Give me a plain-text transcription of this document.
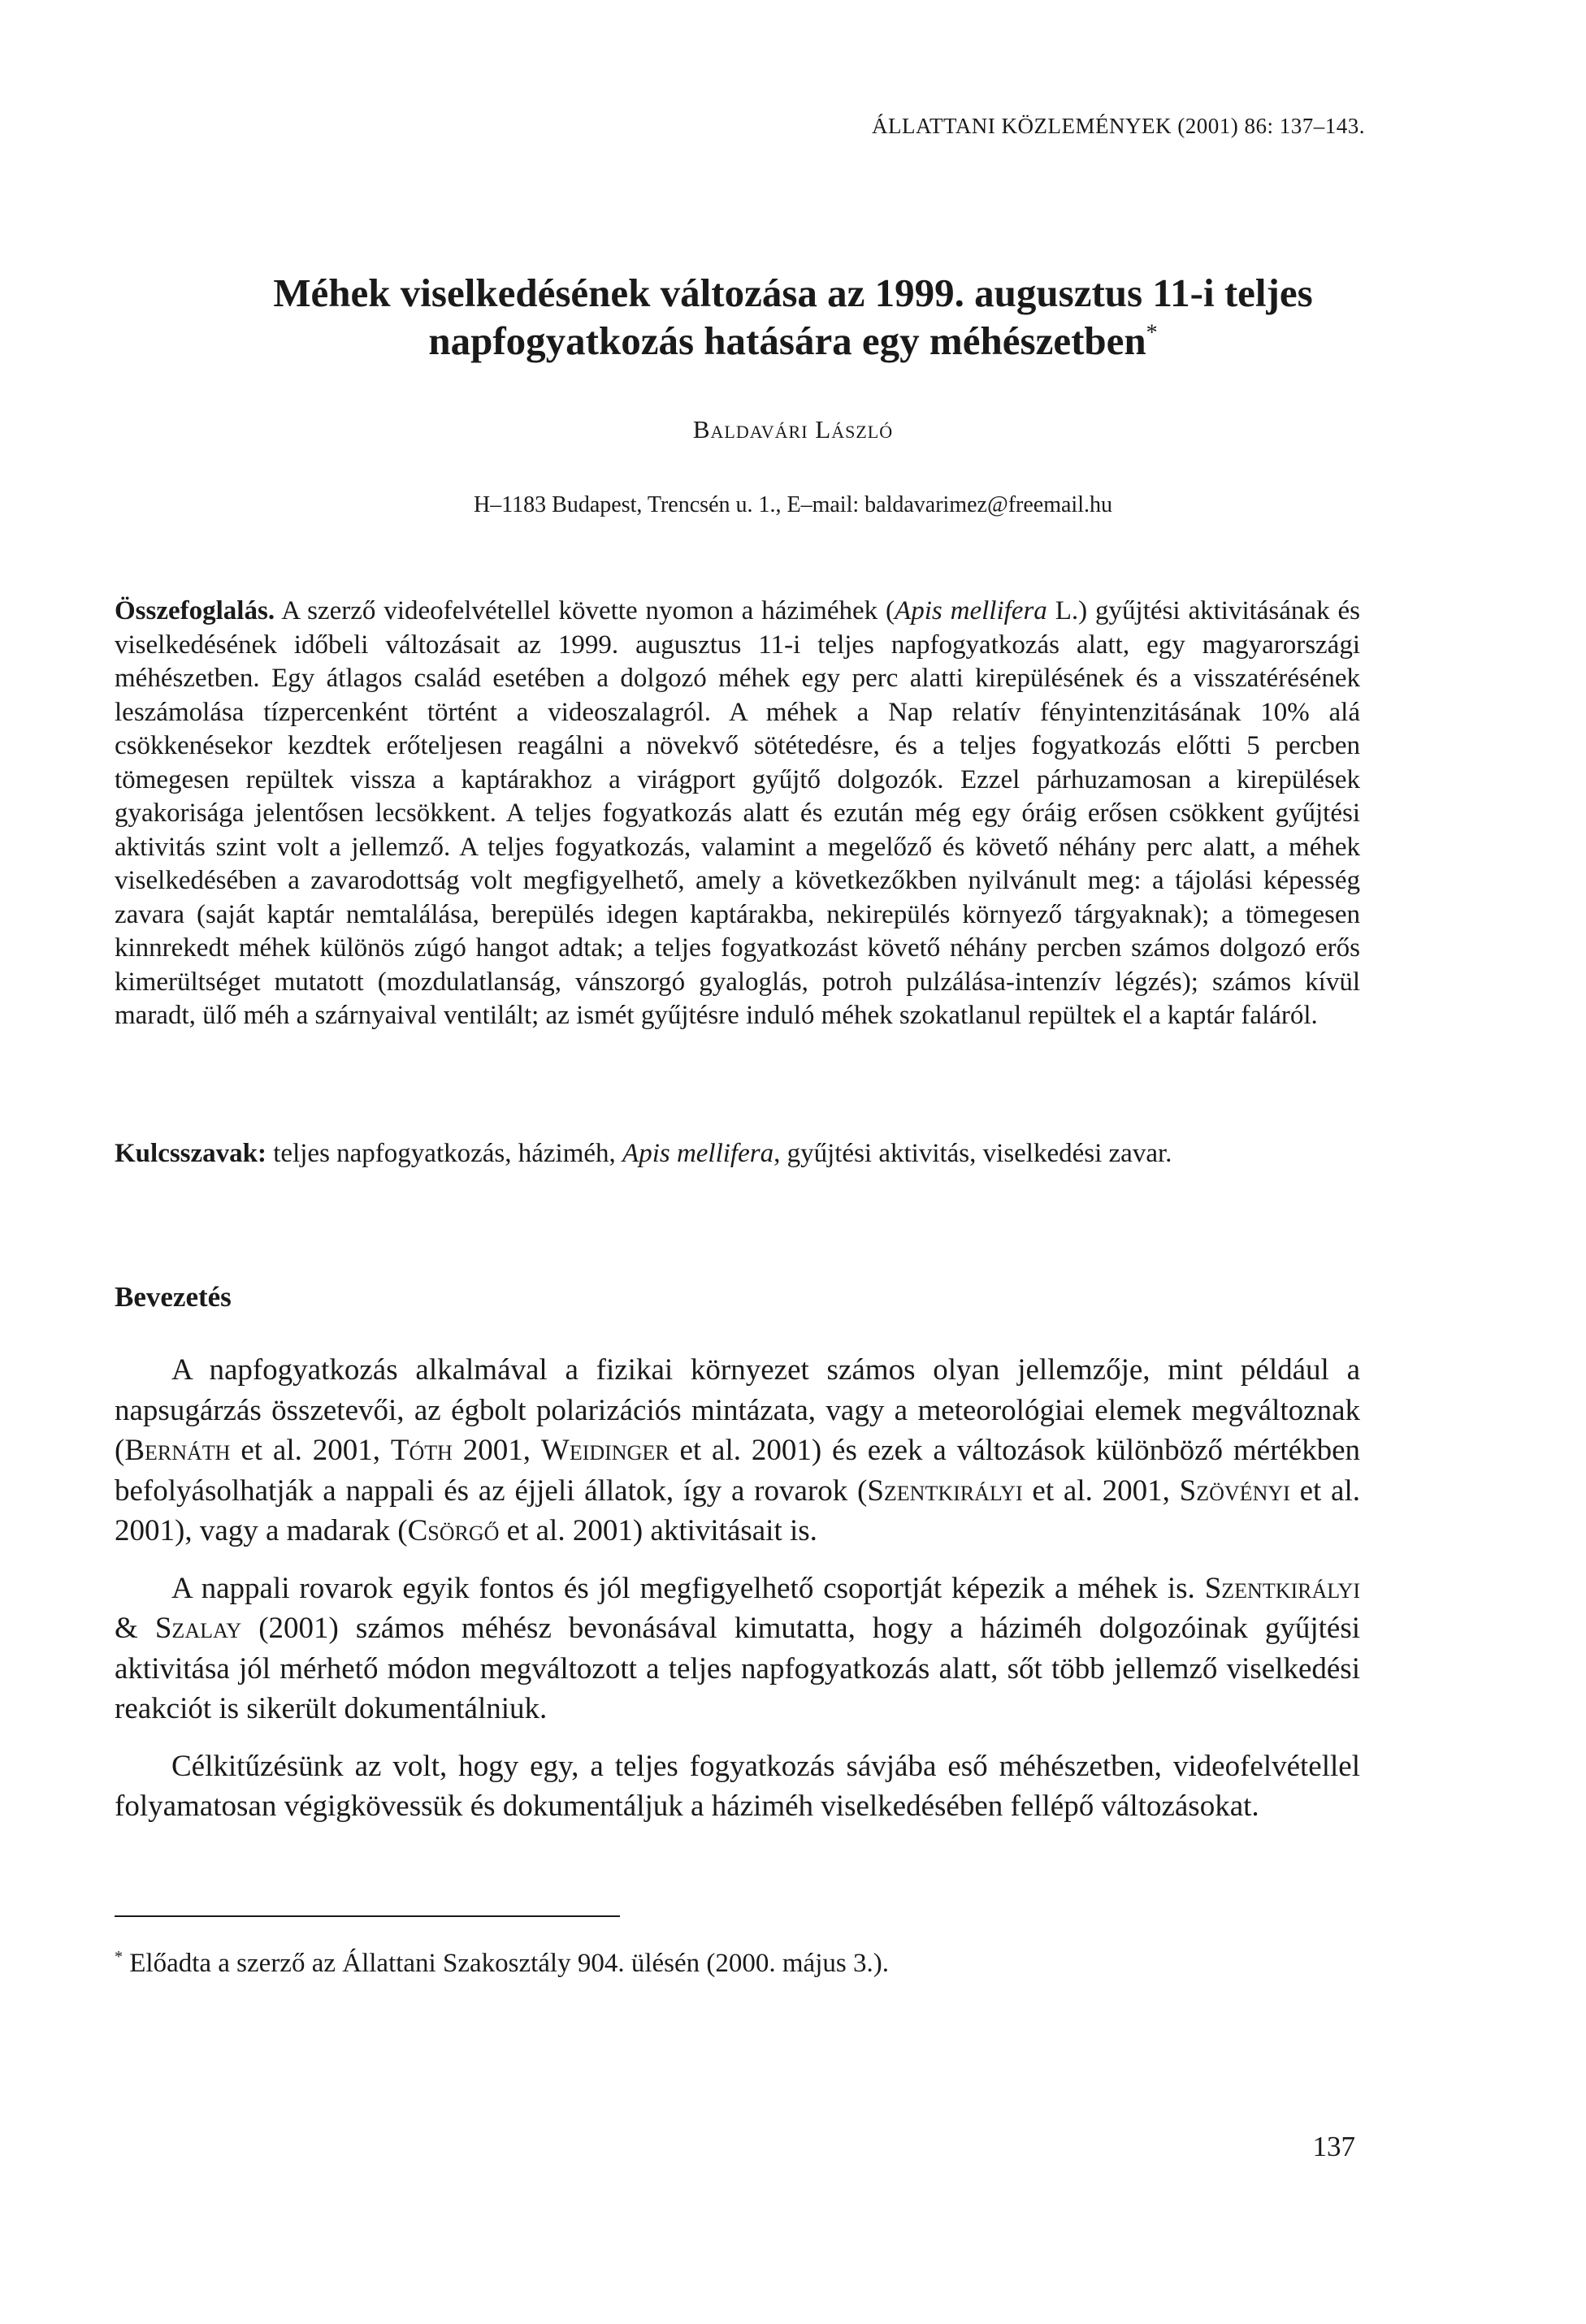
ÁLLATTANI KÖZLEMÉNYEK (2001) 86: 137–143.
Méhek viselkedésének változása az 1999. augusztus 11-i teljes
napfogyatkozás hatására egy méhészetben*
Baldavári László
H–1183 Budapest, Trencsén u. 1., E–mail: baldavarimez@freemail.hu
Összefoglalás. A szerző videofelvétellel követte nyomon a háziméhek (Apis mellifera L.) gyűjtési aktivitásának és viselkedésének időbeli változásait az 1999. augusztus 11-i teljes napfogyatkozás alatt, egy magyarországi méhészetben. Egy átlagos család esetében a dolgozó méhek egy perc alatti kirepülésének és a visszatérésének leszámolása tízpercenként történt a videoszalagról. A méhek a Nap relatív fényintenzitásának 10% alá csökkenésekor kezdtek erőteljesen reagálni a növekvő sötétedésre, és a teljes fogyatkozás előtti 5 percben tömegesen repültek vissza a kaptárakhoz a virágport gyűjtő dolgozók. Ezzel párhuzamosan a kirepülések gyakorisága jelentősen lecsökkent. A teljes fogyatkozás alatt és ezután még egy óráig erősen csökkent gyűjtési aktivitás szint volt a jellemző. A teljes fogyatkozás, valamint a megelőző és követő néhány perc alatt, a méhek viselkedésében a zavarodottság volt megfigyelhető, amely a következőkben nyilvánult meg: a tájolási képesség zavara (saját kaptár nemtalálása, berepülés idegen kaptárakba, nekirepülés környező tárgyaknak); a tömegesen kinnrekedt méhek különös zúgó hangot adtak; a teljes fogyatkozást követő néhány percben számos dolgozó erős kimerültséget mutatott (mozdulatlanság, vánszorgó gyaloglás, potroh pulzálása-intenzív légzés); számos kívül maradt, ülő méh a szárnyaival ventilált; az ismét gyűjtésre induló méhek szokatlanul repültek el a kaptár faláról.
Kulcsszavak: teljes napfogyatkozás, háziméh, Apis mellifera, gyűjtési aktivitás, viselkedési zavar.
Bevezetés

A napfogyatkozás alkalmával a fizikai környezet számos olyan jellemzője, mint például a napsugárzás összetevői, az égbolt polarizációs mintázata, vagy a meteorológiai elemek megváltoznak (Bernáth et al. 2001, Tóth 2001, Weidinger et al. 2001) és ezek a változások különböző mértékben befolyásolhatják a nappali és az éjjeli állatok, így a rovarok (Szentkirályi et al. 2001, Szövényi et al. 2001), vagy a madarak (Csörgő et al. 2001) aktivitásait is.

A nappali rovarok egyik fontos és jól megfigyelhető csoportját képezik a méhek is. Szentkirályi & Szalay (2001) számos méhész bevonásával kimutatta, hogy a háziméh dolgozóinak gyűjtési aktivitása jól mérhető módon megváltozott a teljes napfogyatkozás alatt, sőt több jellemző viselkedési reakciót is sikerült dokumentálniuk.

Célkitűzésünk az volt, hogy egy, a teljes fogyatkozás sávjába eső méhészetben, videofelvétellel folyamatosan végigkövessük és dokumentáljuk a háziméh viselkedésében fellépő változásokat.

* Előadta a szerző az Állattani Szakosztály 904. ülésén (2000. május 3.).
137
